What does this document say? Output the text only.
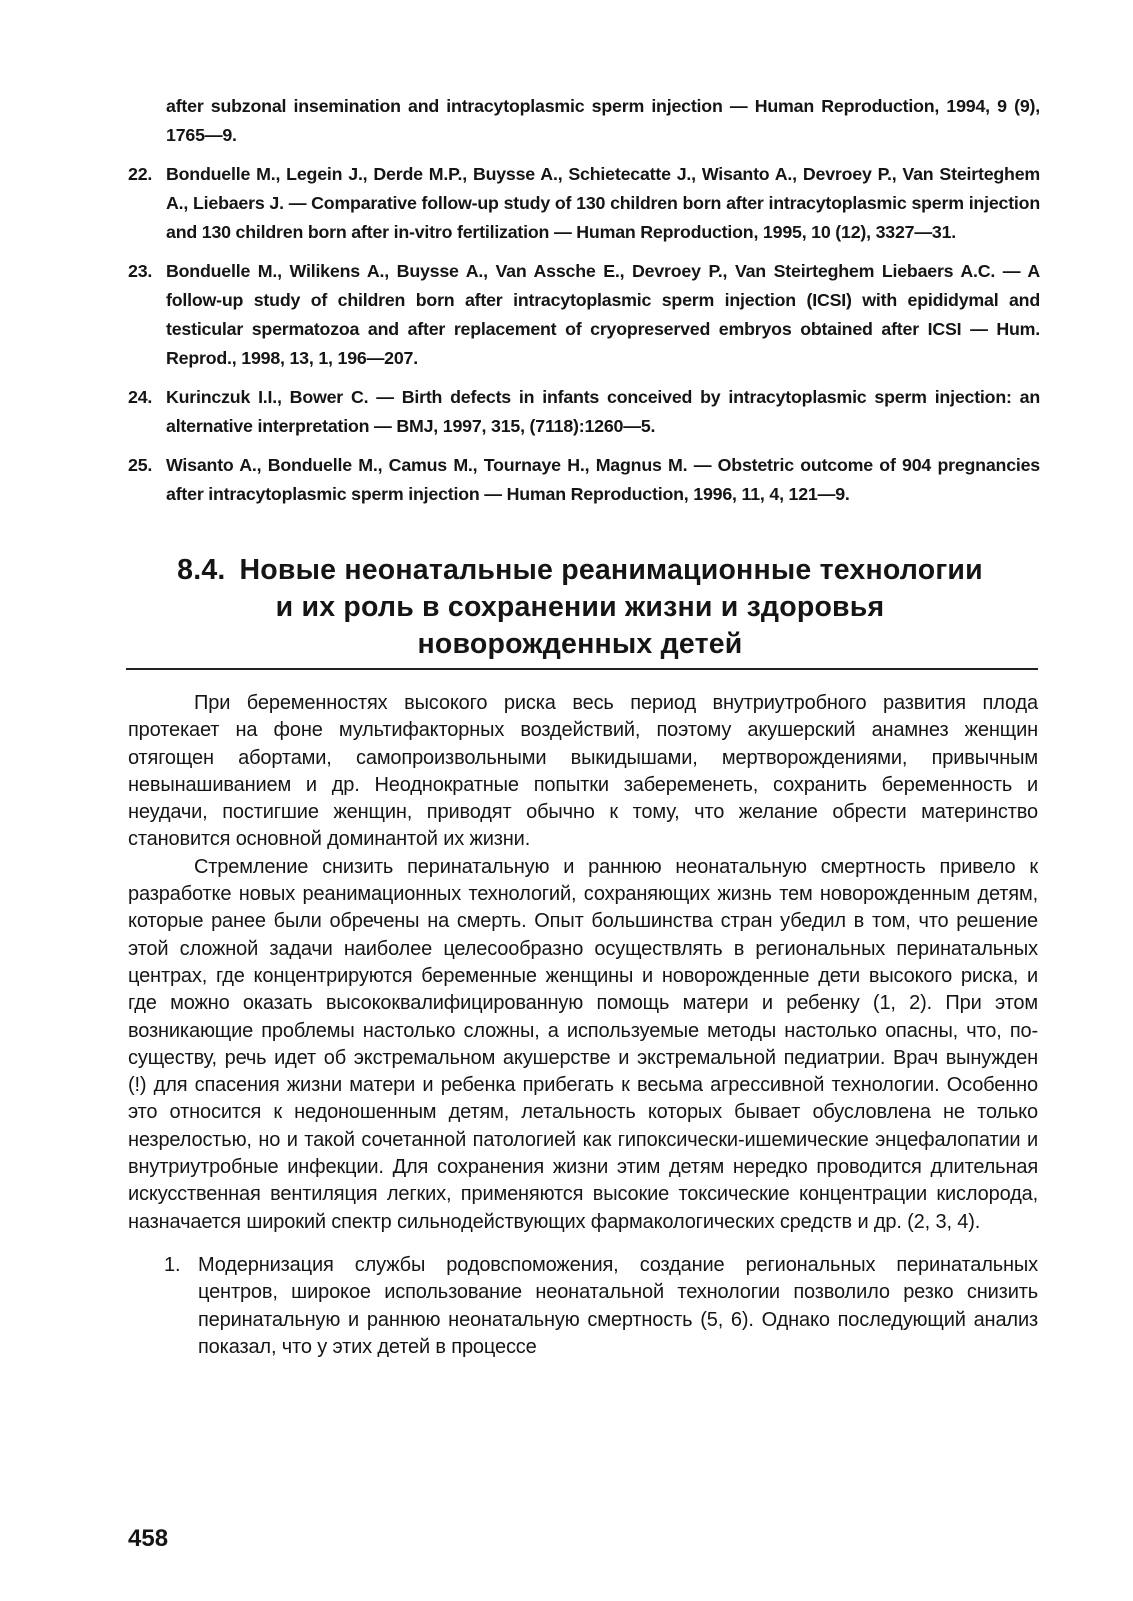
after subzonal insemination and intracytoplasmic sperm injection — Human Reproduction, 1994, 9 (9), 1765—9.
22. Bonduelle M., Legein J., Derde M.P., Buysse A., Schietecatte J., Wisanto A., Devroey P., Van Steirteghem A., Liebaers J. — Comparative follow-up study of 130 children born after intracytoplasmic sperm injection and 130 children born after in-vitro fertilization — Human Reproduction, 1995, 10 (12), 3327—31.
23. Bonduelle M., Wilikens A., Buysse A., Van Assche E., Devroey P., Van Steirteghem Liebaers A.C. — A follow-up study of children born after intracytoplasmic sperm injection (ICSI) with epididymal and testicular spermatozoa and after replacement of cryopreserved embryos obtained after ICSI — Hum. Reprod., 1998, 13, 1, 196—207.
24. Kurinczuk I.I., Bower C. — Birth defects in infants conceived by intracytoplasmic sperm injection: an alternative interpretation — BMJ, 1997, 315, (7118):1260—5.
25. Wisanto A., Bonduelle M., Camus M., Tournaye H., Magnus M. — Obstetric outcome of 904 pregnancies after intracytoplasmic sperm injection — Human Reproduction, 1996, 11, 4, 121—9.
8.4. Новые неонатальные реанимационные технологии
и их роль в сохранении жизни и здоровья
новорожденных детей

При беременностях высокого риска весь период внутриутробного развития плода протекает на фоне мультифакторных воздействий, поэтому акушерский анамнез женщин отягощен абортами, самопроизвольными выкидышами, мертворождениями, привычным невынашиванием и др. Неоднократные попытки забеременеть, сохранить беременность и неудачи, постигшие женщин, приводят обычно к тому, что желание обрести материнство становится основной доминантой их жизни.

Стремление снизить перинатальную и раннюю неонатальную смертность привело к разработке новых реанимационных технологий, сохраняющих жизнь тем новорожденным детям, которые ранее были обречены на смерть. Опыт большинства стран убедил в том, что решение этой сложной задачи наиболее целесообразно осуществлять в региональных перинатальных центрах, где концентрируются беременные женщины и новорожденные дети высокого риска, и где можно оказать высококвалифицированную помощь матери и ребенку (1, 2). При этом возникающие проблемы настолько сложны, а используемые методы настолько опасны, что, по-существу, речь идет об экстремальном акушерстве и экстремальной педиатрии. Врач вынужден (!) для спасения жизни матери и ребенка прибегать к весьма агрессивной технологии. Особенно это относится к недоношенным детям, летальность которых бывает обусловлена не только незрелостью, но и такой сочетанной патологией как гипоксически-ишемические энцефалопатии и внутриутробные инфекции. Для сохранения жизни этим детям нередко проводится длительная искусственная вентиляция легких, применяются высокие токсические концентрации кислорода, назначается широкий спектр сильнодействующих фармакологических средств и др. (2, 3, 4).

1. Модернизация службы родовспоможения, создание региональных перинатальных центров, широкое использование неонатальной технологии позволило резко снизить перинатальную и раннюю неонатальную смертность (5, 6). Однако последующий анализ показал, что у этих детей в процессе
458
